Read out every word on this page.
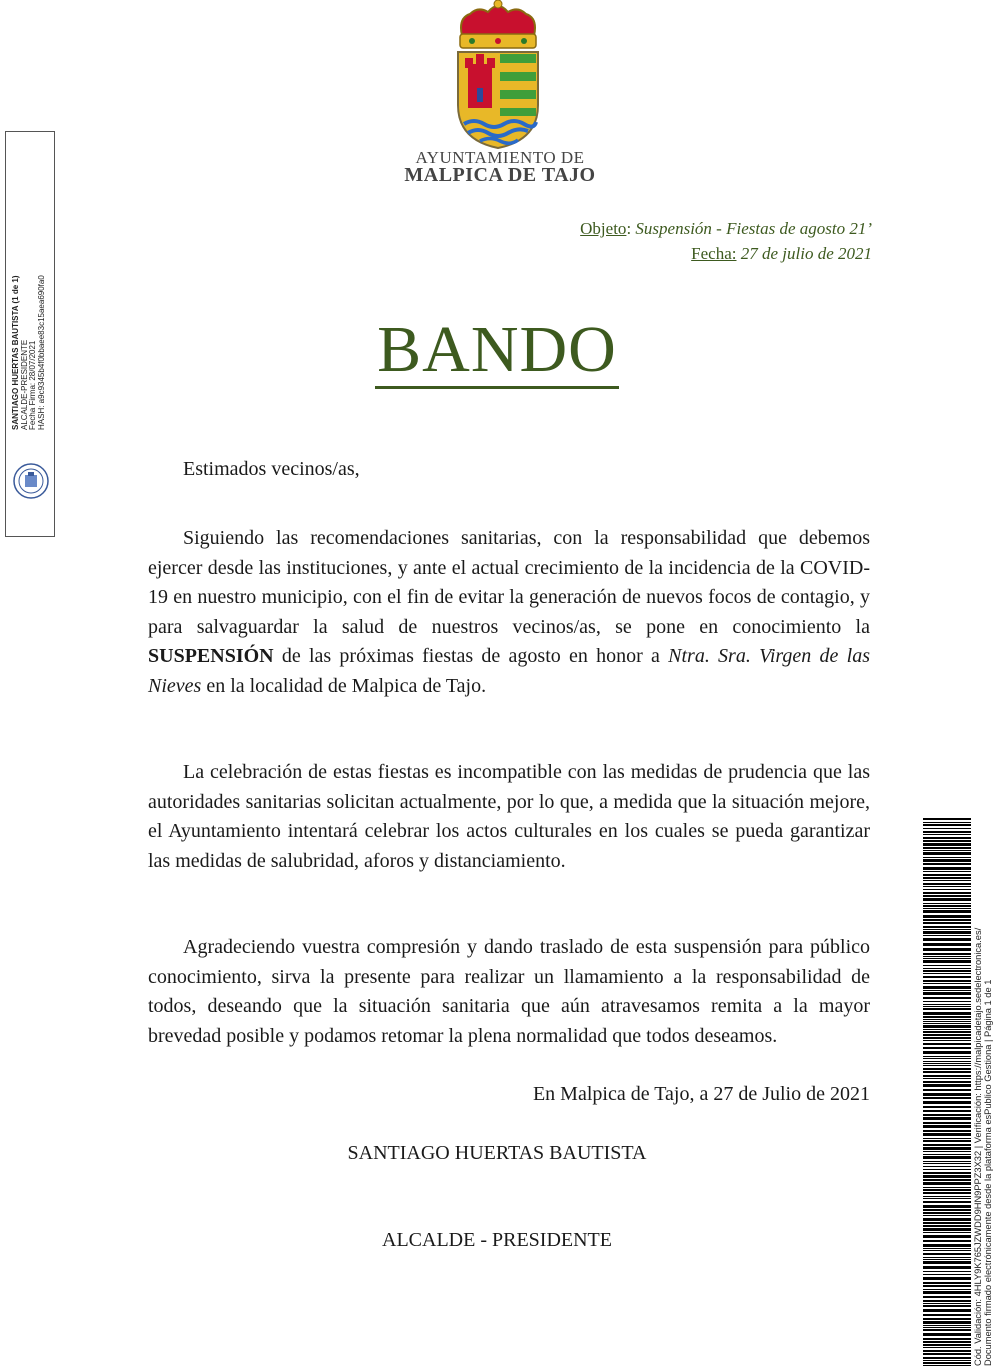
AYUNTAMIENTO DE
MALPICA DE TAJO
Objeto: Suspensión - Fiestas de agosto 21’
Fecha: 27 de julio de 2021
BANDO
Estimados vecinos/as,

Siguiendo las recomendaciones sanitarias, con la responsabilidad que debemos ejercer desde las instituciones, y ante el actual crecimiento de la incidencia de la COVID-19 en nuestro municipio, con el fin de evitar la generación de nuevos focos de contagio, y para salvaguardar la salud de nuestros vecinos/as, se pone en conocimiento la SUSPENSIÓN de las próximas fiestas de agosto en honor a Ntra. Sra. Virgen de las Nieves en la localidad de Malpica de Tajo.

La celebración de estas fiestas es incompatible con las medidas de prudencia que las autoridades sanitarias solicitan actualmente, por lo que, a medida que la situación mejore, el Ayuntamiento intentará celebrar los actos culturales en los cuales se pueda garantizar las medidas de salubridad, aforos y distanciamiento.

Agradeciendo vuestra compresión y dando traslado de esta suspensión para público conocimiento, sirva la presente para realizar un llamamiento a la responsabilidad de todos, deseando que la situación sanitaria que aún atravesamos remita a la mayor brevedad posible y podamos retomar la plena normalidad que todos deseamos.

En Malpica de Tajo, a 27 de Julio de 2021
SANTIAGO HUERTAS BAUTISTA
ALCALDE - PRESIDENTE
SANTIAGO HUERTAS BAUTISTA (1 de 1) ALCALDE-PRESIDENTE Fecha Firma: 28/07/2021 HASH: a9c9345b4f0bbaee83c15aea690fa0
Cód. Validación: 4HLY9K765JZWDD9HN9PPZ3X32 | Verificación: https://malpicadetajo.sedelectronica.es/ Documento firmado electrónicamente desde la plataforma esPublico Gestiona | Página 1 de 1
